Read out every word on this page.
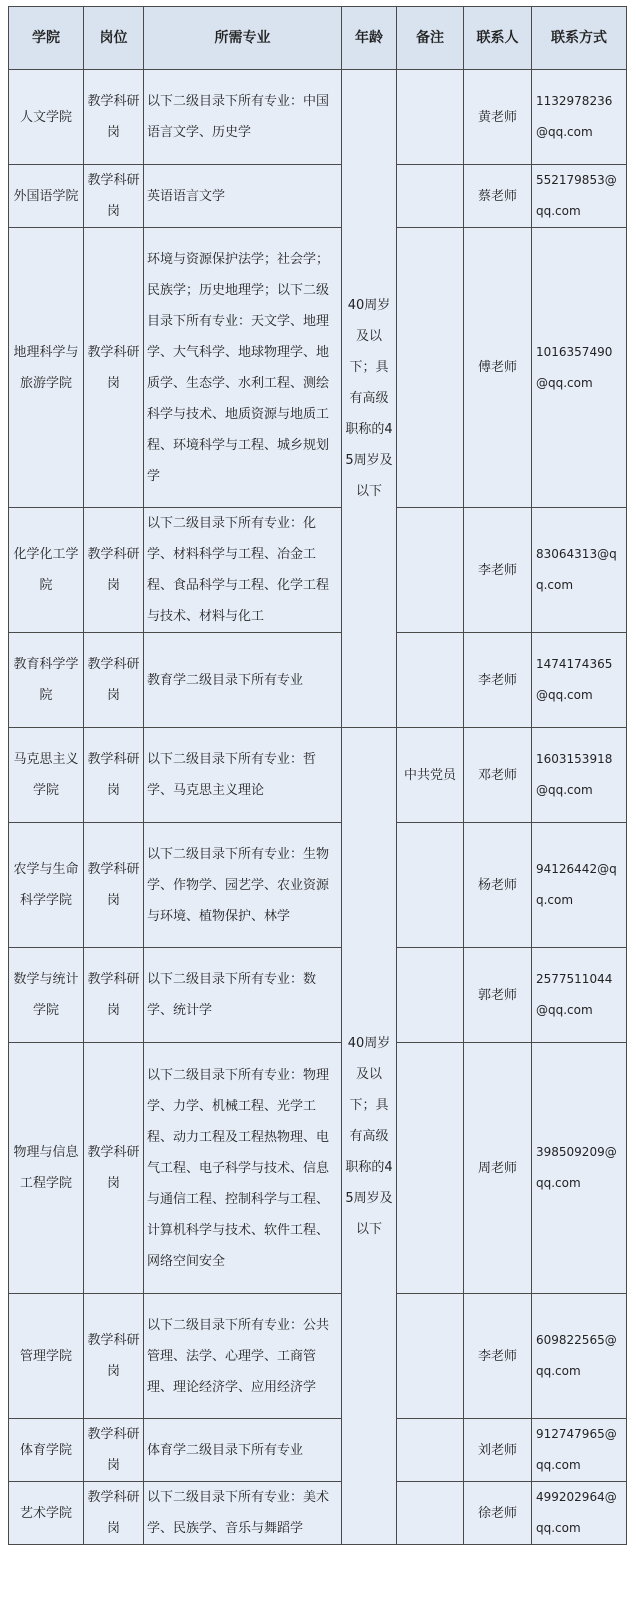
学院	岗位	所需专业	年龄	备注	联系人	联系方式
人文学院	教学科研岗	以下二级目录下所有专业：中国语言文学、历史学	40周岁及以下；具有高级职称的45周岁及以下		黄老师	1132978236@qq.com
外国语学院	教学科研岗	英语语言文学			蔡老师	552179853@qq.com
地理科学与旅游学院	教学科研岗	环境与资源保护法学；社会学；民族学；历史地理学；以下二级目录下所有专业：天文学、地理学、大气科学、地球物理学、地质学、生态学、水利工程、测绘科学与技术、地质资源与地质工程、环境科学与工程、城乡规划学			傅老师	1016357490@qq.com
化学化工学院	教学科研岗	以下二级目录下所有专业：化学、材料科学与工程、冶金工程、食品科学与工程、化学工程与技术、材料与化工			李老师	83064313@qq.com
教育科学学院	教学科研岗	教育学二级目录下所有专业			李老师	1474174365@qq.com
马克思主义学院	教学科研岗	以下二级目录下所有专业：哲学、马克思主义理论	40周岁及以下；具有高级职称的45周岁及以下	中共党员	邓老师	1603153918@qq.com
农学与生命科学学院	教学科研岗	以下二级目录下所有专业：生物学、作物学、园艺学、农业资源与环境、植物保护、林学			杨老师	94126442@qq.com
数学与统计学院	教学科研岗	以下二级目录下所有专业：数学、统计学			郭老师	2577511044@qq.com
物理与信息工程学院	教学科研岗	以下二级目录下所有专业：物理学、力学、机械工程、光学工程、动力工程及工程热物理、电气工程、电子科学与技术、信息与通信工程、控制科学与工程、计算机科学与技术、软件工程、网络空间安全			周老师	398509209@qq.com
管理学院	教学科研岗	以下二级目录下所有专业：公共管理、法学、心理学、工商管理、理论经济学、应用经济学			李老师	609822565@qq.com
体育学院	教学科研岗	体育学二级目录下所有专业			刘老师	912747965@qq.com
艺术学院	教学科研岗	以下二级目录下所有专业：美术学、民族学、音乐与舞蹈学			徐老师	499202964@qq.com
